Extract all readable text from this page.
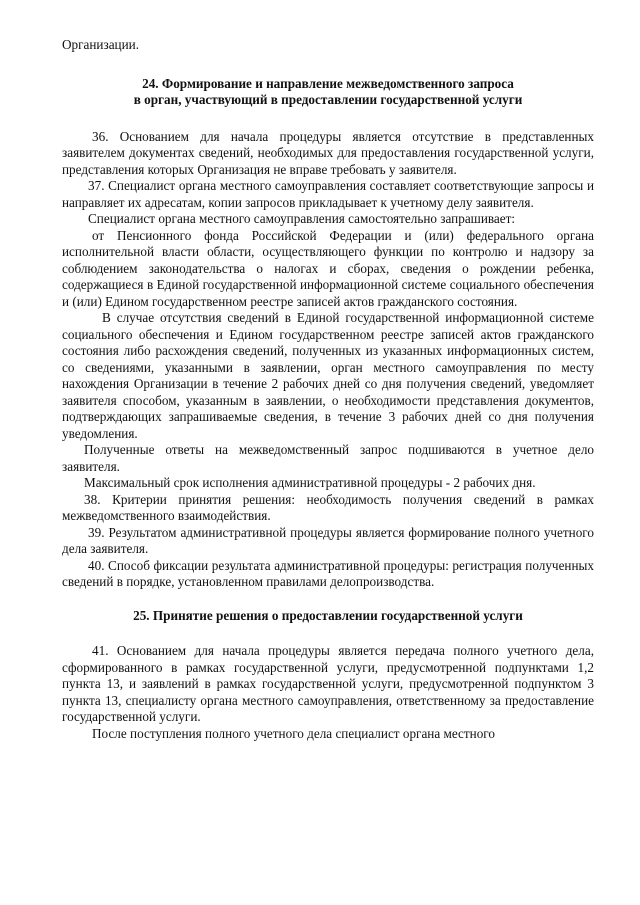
Организации.

24. Формирование и направление межведомственного запроса
в орган, участвующий в предоставлении государственной услуги

36. Основанием для начала процедуры является отсутствие в представленных заявителем документах сведений, необходимых для предоставления государственной услуги, представления которых Организация не вправе требовать у заявителя.

37. Специалист органа местного самоуправления составляет соответствующие запросы и направляет их адресатам, копии запросов прикладывает к учетному делу заявителя.

Специалист органа местного самоуправления самостоятельно запрашивает:

от Пенсионного фонда Российской Федерации и (или) федерального органа исполнительной власти области, осуществляющего функции по контролю и надзору за соблюдением законодательства о налогах и сборах, сведения о рождении ребенка, содержащиеся в Единой государственной информационной системе социального обеспечения и (или) Едином государственном реестре записей актов гражданского состояния.

В случае отсутствия сведений в Единой государственной информационной системе социального обеспечения и Едином государственном реестре записей актов гражданского состояния либо расхождения сведений, полученных из указанных информационных систем, со сведениями, указанными в заявлении, орган местного самоуправления по месту нахождения Организации в течение 2 рабочих дней со дня получения сведений, уведомляет заявителя способом, указанным в заявлении, о необходимости представления документов, подтверждающих запрашиваемые сведения, в течение 3 рабочих дней со дня получения уведомления.

Полученные ответы на межведомственный запрос подшиваются в учетное дело заявителя.

Максимальный срок исполнения административной процедуры - 2 рабочих дня.

38. Критерии принятия решения: необходимость получения сведений в рамках межведомственного взаимодействия.

39. Результатом административной процедуры является формирование полного учетного дела заявителя.

40. Способ фиксации результата административной процедуры: регистрация полученных сведений в порядке, установленном правилами делопроизводства.

25. Принятие решения о предоставлении государственной услуги

41. Основанием для начала процедуры является передача полного учетного дела, сформированного в рамках государственной услуги, предусмотренной подпунктами 1,2 пункта 13, и заявлений в рамках государственной услуги, предусмотренной подпунктом 3 пункта 13, специалисту органа местного самоуправления, ответственному за предоставление государственной услуги.

После поступления полного учетного дела специалист органа местного
